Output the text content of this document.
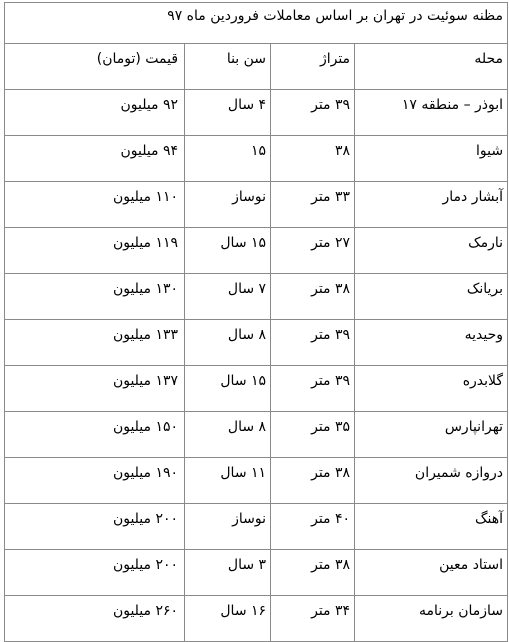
مظنه سوئیت در تهران بر اساس معاملات فروردین ماه ۹۷			
محله	متراژ	سن بنا	قیمت (تومان)
ابوذر – منطقه ۱۷	۳۹ متر	۴ سال	۹۲ میلیون
شیوا	۳۸	۱۵	۹۴ میلیون
آبشار دمار	۳۳ متر	نوساز	۱۱۰ میلیون
نارمک	۲۷ متر	۱۵ سال	۱۱۹ میلیون
بریانک	۳۸ متر	۷ سال	۱۳۰ میلیون
وحیدیه	۳۹ متر	۸ سال	۱۳۳ میلیون
گلابدره	۳۹ متر	۱۵ سال	۱۳۷ میلیون
تهرانپارس	۳۵ متر	۸ سال	۱۵۰ میلیون
دروازه شمیران	۳۸ متر	۱۱ سال	۱۹۰ میلیون
آهنگ	۴۰ متر	نوساز	۲۰۰ میلیون
استاد معین	۳۸ متر	۳ سال	۲۰۰ میلیون
سازمان برنامه	۳۴ متر	۱۶ سال	۲۶۰ میلیون
